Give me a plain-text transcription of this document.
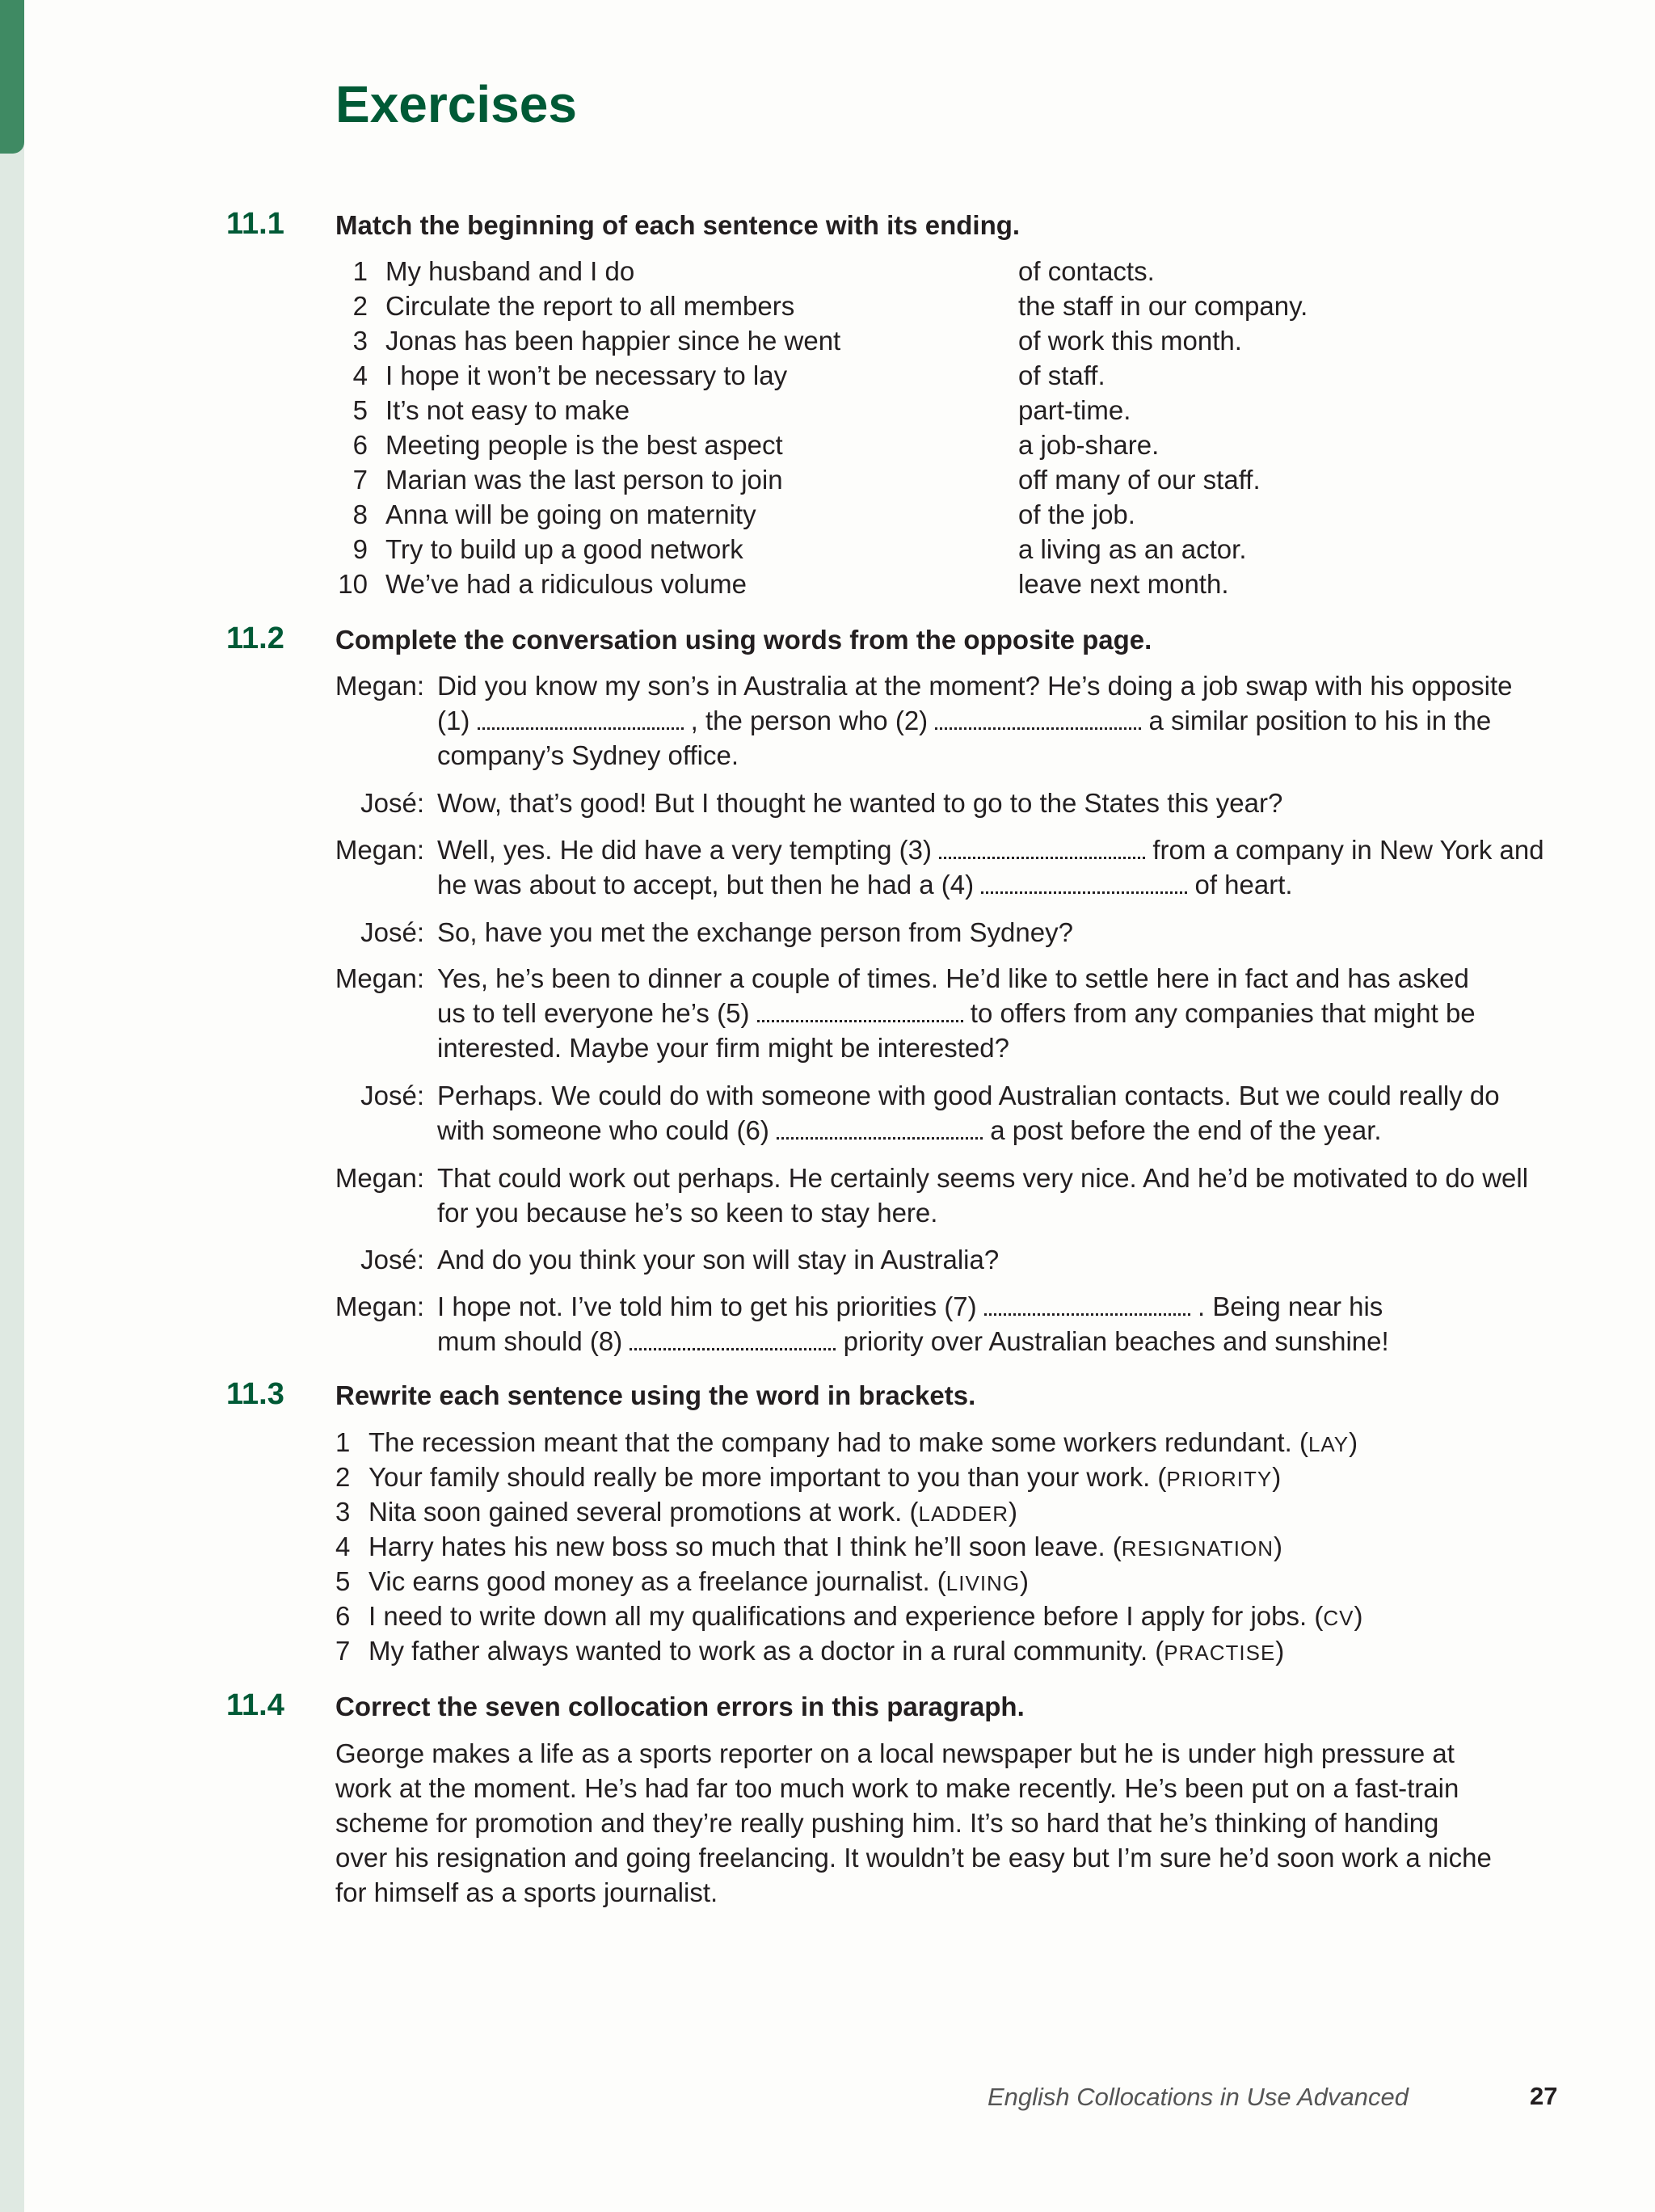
Exercises
11.1 Match the beginning of each sentence with its ending.
1 My husband and I do	of contacts.
2 Circulate the report to all members	the staff in our company.
3 Jonas has been happier since he went	of work this month.
4 I hope it won’t be necessary to lay	of staff.
5 It’s not easy to make	part-time.
6 Meeting people is the best aspect	a job-share.
7 Marian was the last person to join	off many of our staff.
8 Anna will be going on maternity	of the job.
9 Try to build up a good network	a living as an actor.
10 We’ve had a ridiculous volume	leave next month.
11.2 Complete the conversation using words from the opposite page.
Megan: Did you know my son’s in Australia at the moment? He’s doing a job swap with his opposite
(1)	, the person who (2)	a similar position to his in the
company’s Sydney office.
José: Wow, that’s good! But I thought he wanted to go to the States this year?
Megan: Well, yes. He did have a very tempting (3)	from a company in New York and
he was about to accept, but then he had a (4)	of heart.
José: So, have you met the exchange person from Sydney?
Megan: Yes, he’s been to dinner a couple of times. He’d like to settle here in fact and has asked
us to tell everyone he’s (5)	to offers from any companies that might be
interested. Maybe your firm might be interested?
José: Perhaps. We could do with someone with good Australian contacts. But we could really do
with someone who could (6)	a post before the end of the year.
Megan: That could work out perhaps. He certainly seems very nice. And he’d be motivated to do well
for you because he’s so keen to stay here.
José: And do you think your son will stay in Australia?
Megan: I hope not. I’ve told him to get his priorities (7)	. Being near his
mum should (8)	priority over Australian beaches and sunshine!
11.3 Rewrite each sentence using the word in brackets.
1 The recession meant that the company had to make some workers redundant. (LAY)
2 Your family should really be more important to you than your work. (PRIORITY)
3 Nita soon gained several promotions at work. (LADDER)
4 Harry hates his new boss so much that I think he’ll soon leave. (RESIGNATION)
5 Vic earns good money as a freelance journalist. (LIVING)
6 I need to write down all my qualifications and experience before I apply for jobs. (CV)
7 My father always wanted to work as a doctor in a rural community. (PRACTISE)
11.4 Correct the seven collocation errors in this paragraph.
George makes a life as a sports reporter on a local newspaper but he is under high pressure at
work at the moment. He’s had far too much work to make recently. He’s been put on a fast-train
scheme for promotion and they’re really pushing him. It’s so hard that he’s thinking of handing
over his resignation and going freelancing. It wouldn’t be easy but I’m sure he’d soon work a niche
for himself as a sports journalist.
English Collocations in Use Advanced	27
